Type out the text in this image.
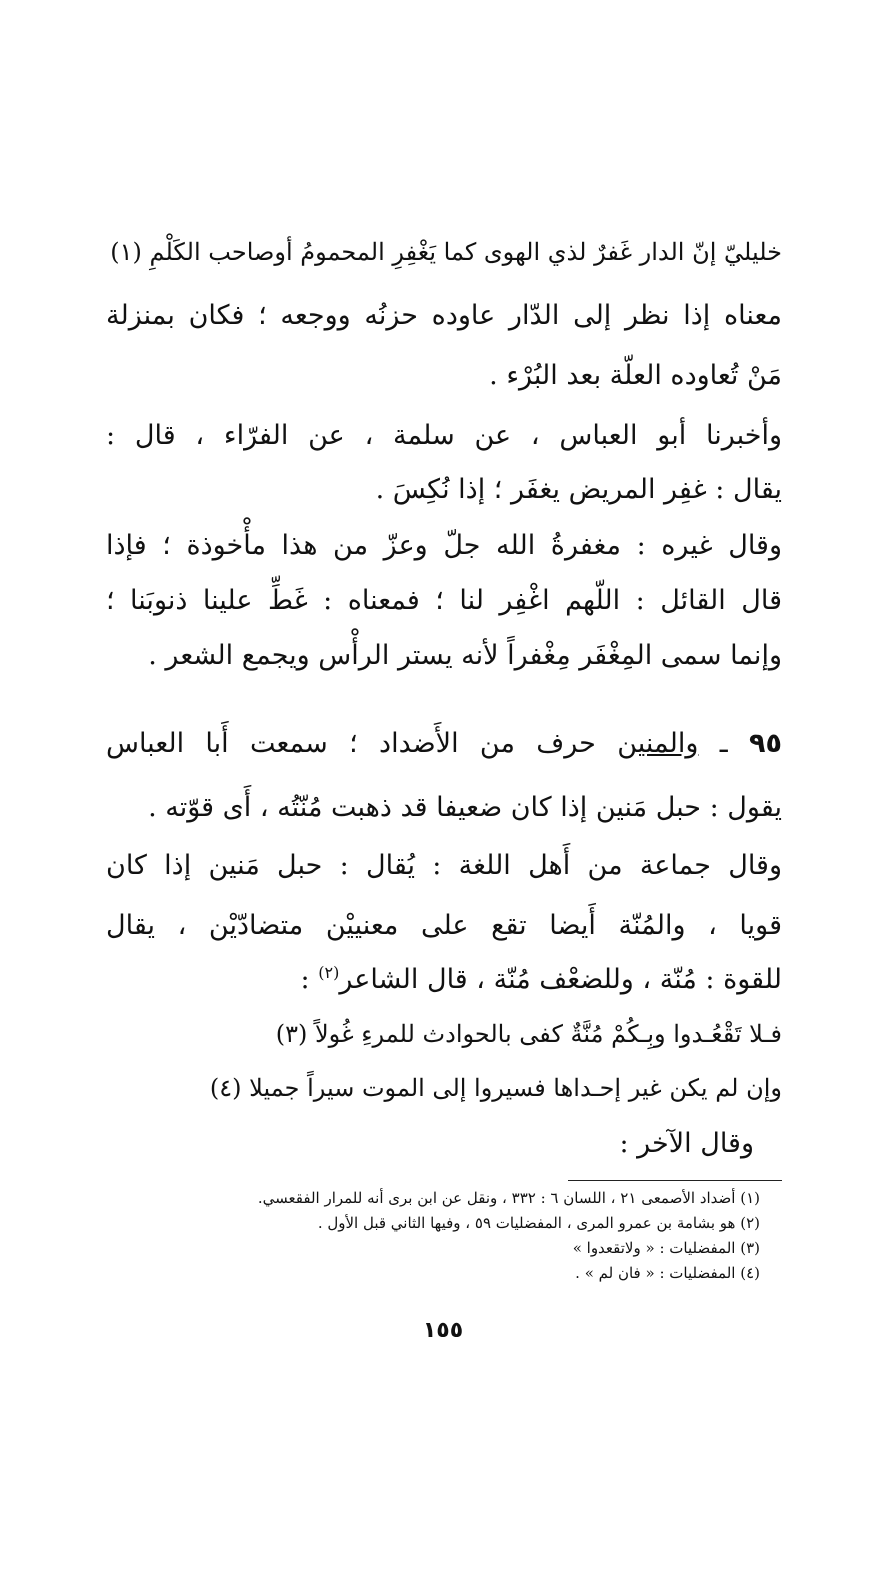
خليليّ إنّ الدار غَفرٌ لذي الهوى كما يَغْفِرِ المحمومُ أوصاحب الكَلْمِ (١)

معناه إذا نظر إلى الدّار عاوده حزنُه ووجعه ؛ فكان بمنزلة

مَنْ تُعاوده العلّة بعد البُرْء .

وأخبرنا أبو العباس ، عن سلمة ، عن الفرّاء ، قال :

يقال : غفِر المريض يغفَر ؛ إذا نُكِسَ .

وقال غيره : مغفرةُ الله جلّ وعزّ من هذا مأْخوذة ؛ فإذا

قال القائل : اللّهم اغْفِر لنا ؛ فمعناه : غَطِّ علينا ذنوبَنا ؛

وإنما سمى المِغْفَر مِغْفراً لأنه يستر الرأْس ويجمع الشعر .

٩٥ ـ والمنين حرف من الأَضداد ؛ سمعت أَبا العباس

يقول : حبل مَنين إذا كان ضعيفا قد ذهبت مُنّتُه ، أَى قوّته .

وقال جماعة من أَهل اللغة : يُقال : حبل مَنين إذا كان

قويا ، والمُنّة أَيضا تقع على معنييْن متضادّيْن ، يقال

للقوة : مُنّة ، وللضعْف مُنّة ، قال الشاعر$^{(٢)}$ :

فـلا تَقْعُـدوا وبِـكُمْ مُنَّةٌ كفى بالحوادث للمرءِ غُولاً (٣)

وإن لم يكن غير إحـداها فسيروا إلى الموت سيراً جميلا (٤)

وقال الآخر :

(١) أضداد الأصمعى ٢١ ، اللسان ٦ : ٣٣٢ ، ونقل عن ابن برى أنه للمرار الفقعسي.

(٢) هو بشامة بن عمرو المرى ، المفضليات ٥٩ ، وفيها الثاني قبل الأول .

(٣) المفضليات : « ولاتقعدوا »

(٤) المفضليات : « فان لم » .

١٥٥
